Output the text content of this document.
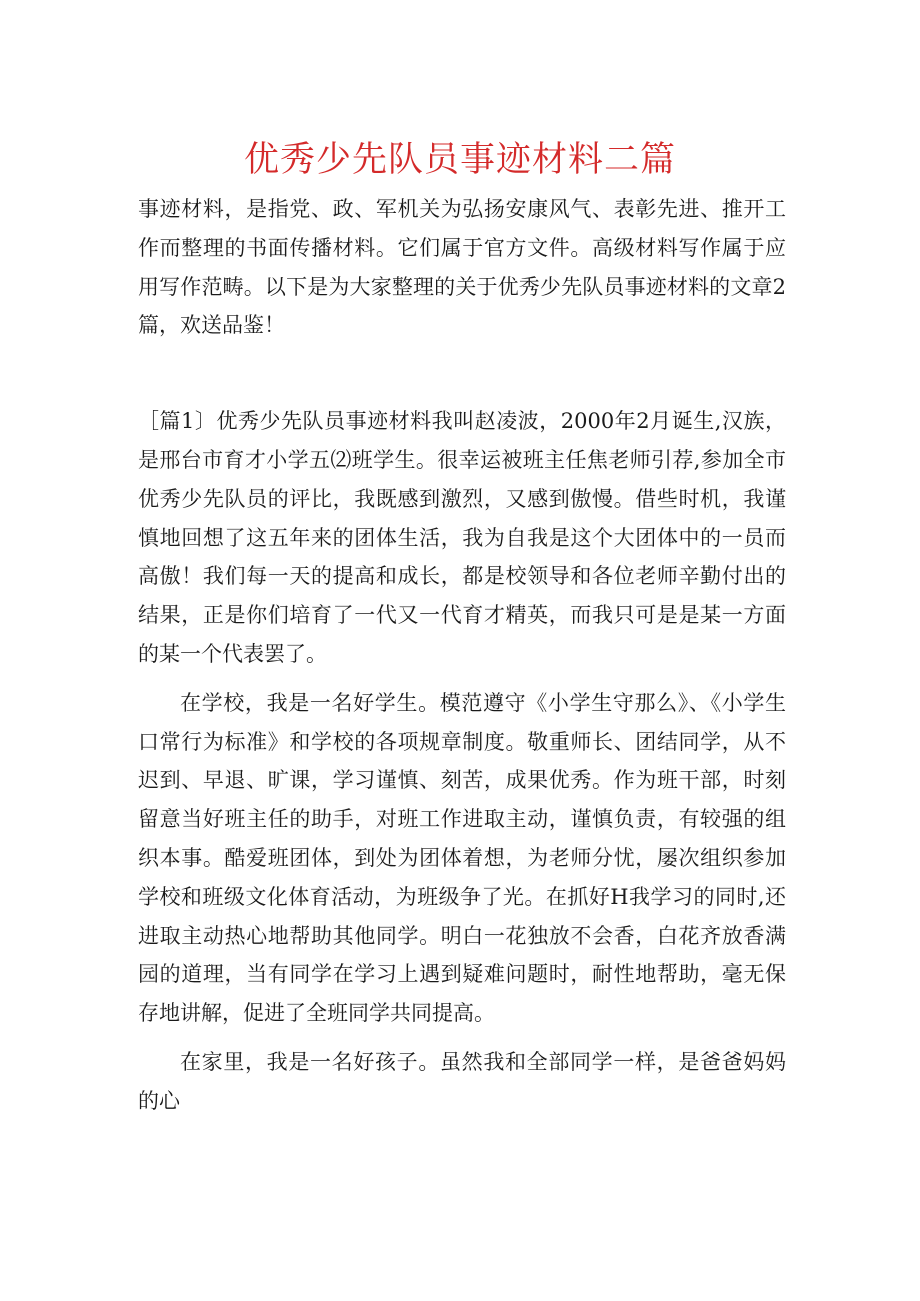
优秀少先队员事迹材料二篇

事迹材料，是指党、政、军机关为弘扬安康风气、表彰先进、推开工作而整理的书面传播材料。它们属于官方文件。高级材料写作属于应用写作范畴。以下是为大家整理的关于优秀少先队员事迹材料的文章2篇，欢送品鉴！

［篇1〕优秀少先队员事迹材料我叫赵凌波，2000年2月诞生,汉族，是邢台市育才小学五⑵班学生。很幸运被班主任焦老师引荐,参加全市优秀少先队员的评比，我既感到激烈，又感到傲慢。借些时机，我谨慎地回想了这五年来的团体生活，我为自我是这个大团体中的一员而高傲！我们每一天的提高和成长，都是校领导和各位老师辛勤付出的结果，正是你们培育了一代又一代育才精英，而我只可是是某一方面的某一个代表罢了。

在学校，我是一名好学生。模范遵守《小学生守那么》、《小学生口常行为标准》和学校的各项规章制度。敬重师长、团结同学，从不迟到、早退、旷课，学习谨慎、刻苦，成果优秀。作为班干部，时刻留意当好班主任的助手，对班工作进取主动，谨慎负责，有较强的组织本事。酷爱班团体，到处为团体着想，为老师分忧，屡次组织参加学校和班级文化体育活动，为班级争了光。在抓好H我学习的同时,还进取主动热心地帮助其他同学。明白一花独放不会香，白花齐放香满园的道理，当有同学在学习上遇到疑难问题时，耐性地帮助，毫无保存地讲解，促进了全班同学共同提高。

在家里，我是一名好孩子。虽然我和全部同学一样，是爸爸妈妈的心
